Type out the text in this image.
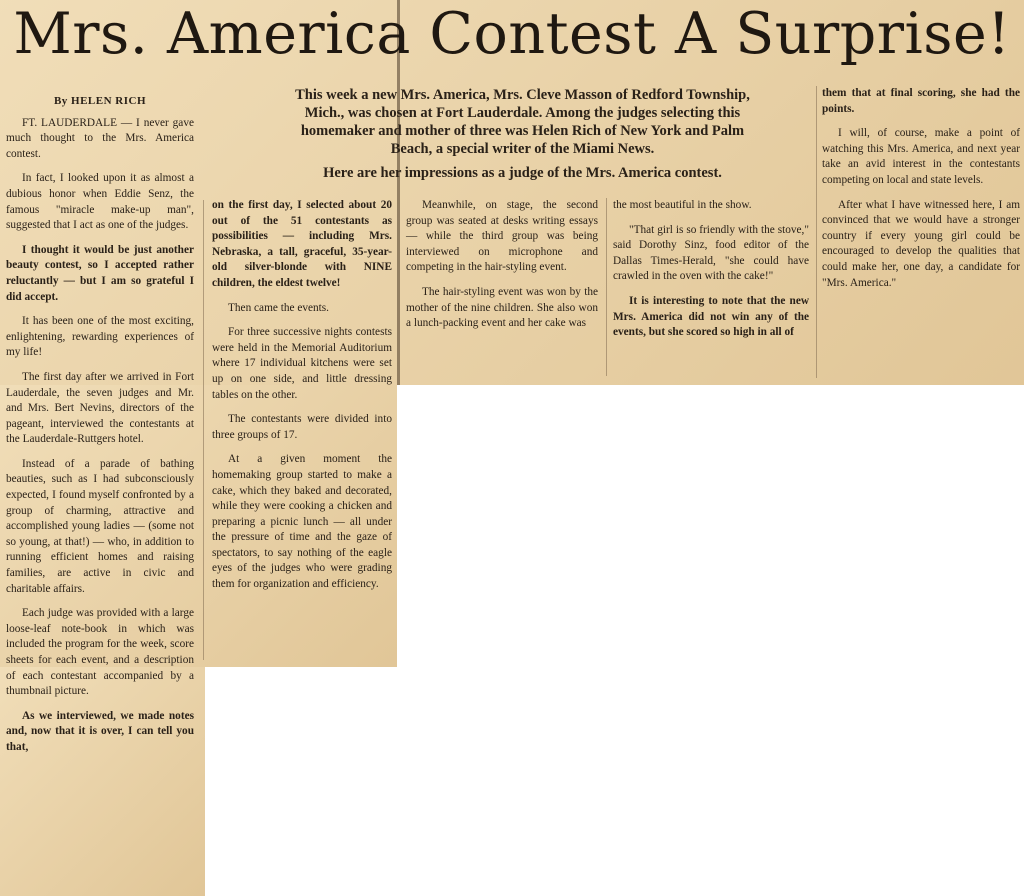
Mrs. America Contest A Surprise!

This week a new Mrs. America, Mrs. Cleve Masson of Redford Township, Mich., was chosen at Fort Lauderdale. Among the judges selecting this homemaker and mother of three was Helen Rich of New York and Palm Beach, a special writer of the Miami News.

Here are her impressions as a judge of the Mrs. America contest.

By HELEN RICH

FT. LAUDERDALE — I never gave much thought to the Mrs. America contest.

In fact, I looked upon it as almost a dubious honor when Eddie Senz, the famous "miracle make-up man", suggested that I act as one of the judges.

I thought it would be just another beauty contest, so I accepted rather reluctantly — but I am so grateful I did accept.

It has been one of the most exciting, enlightening, rewarding experiences of my life!

The first day after we arrived in Fort Lauderdale, the seven judges and Mr. and Mrs. Bert Nevins, directors of the pageant, interviewed the contestants at the Lauderdale-Ruttgers hotel.

Instead of a parade of bathing beauties, such as I had subconsciously expected, I found myself confronted by a group of charming, attractive and accomplished young ladies — (some not so young, at that!) — who, in addition to running efficient homes and raising families, are active in civic and charitable affairs.

Each judge was provided with a large loose-leaf note-book in which was included the program for the week, score sheets for each event, and a description of each contestant accompanied by a thumbnail picture.

As we interviewed, we made notes and, now that it is over, I can tell you that,

on the first day, I selected about 20 out of the 51 contestants as possibilities — including Mrs. Nebraska, a tall, graceful, 35-year-old silver-blonde with NINE children, the eldest twelve!

Then came the events.

For three successive nights contests were held in the Memorial Auditorium where 17 individual kitchens were set up on one side, and little dressing tables on the other.

The contestants were divided into three groups of 17.

At a given moment the homemaking group started to make a cake, which they baked and decorated, while they were cooking a chicken and preparing a picnic lunch — all under the pressure of time and the gaze of spectators, to say nothing of the eagle eyes of the judges who were grading them for organization and efficiency.

Meanwhile, on stage, the second group was seated at desks writing essays — while the third group was being interviewed on microphone and competing in the hair-styling event.

The hair-styling event was won by the mother of the nine children. She also won a lunch-packing event and her cake was

the most beautiful in the show.

"That girl is so friendly with the stove," said Dorothy Sinz, food editor of the Dallas Times-Herald, "she could have crawled in the oven with the cake!"

It is interesting to note that the new Mrs. America did not win any of the events, but she scored so high in all of

them that at final scoring, she had the points.

I will, of course, make a point of watching this Mrs. America, and next year take an avid interest in the contestants competing on local and state levels.

After what I have witnessed here, I am convinced that we would have a stronger country if every young girl could be encouraged to develop the qualities that could make her, one day, a candidate for "Mrs. America."
